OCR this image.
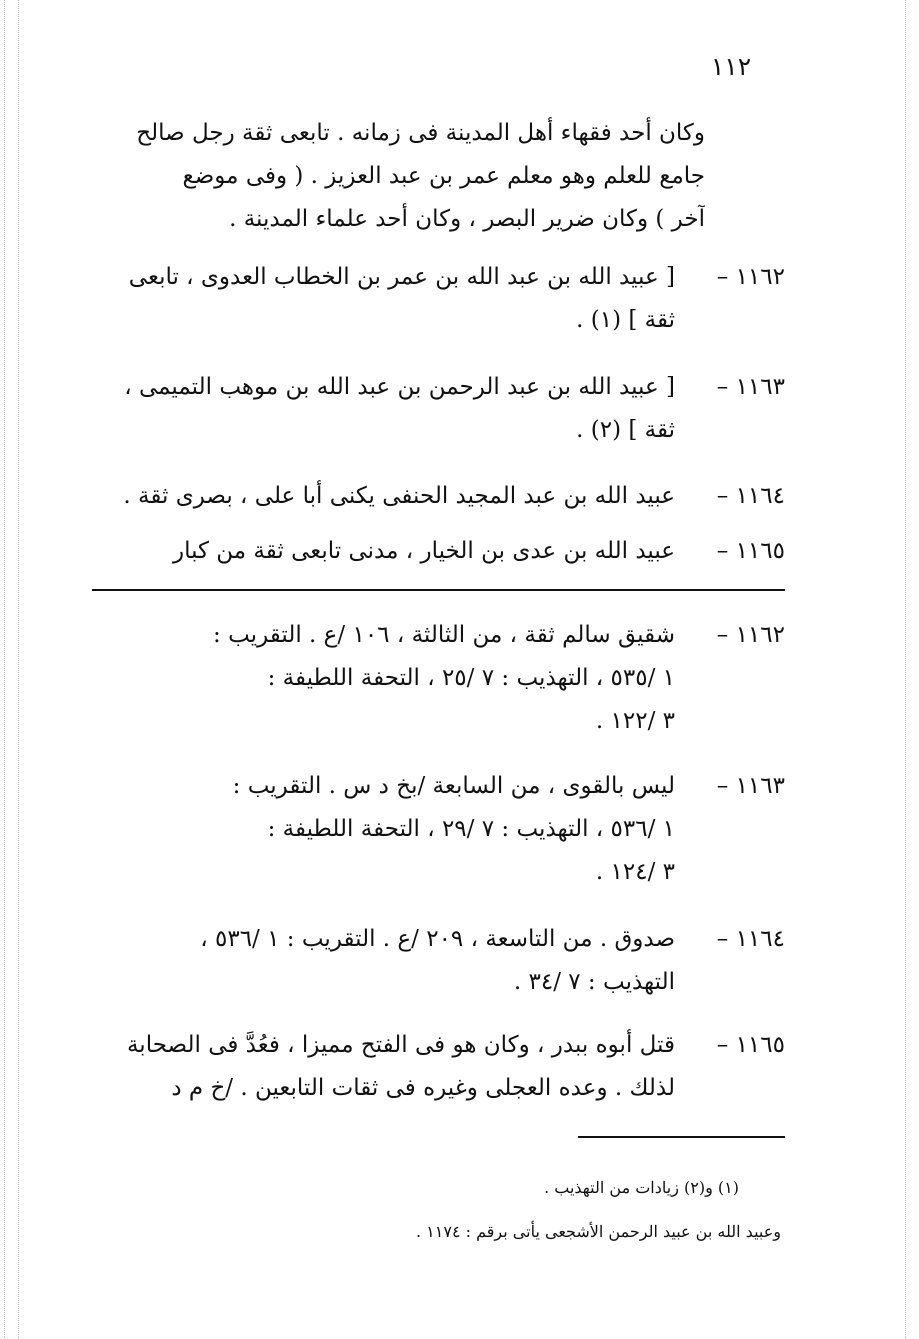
١١٢
وكان أحد فقهاء أهل المدينة فى زمانه . تابعى ثقة رجل صالح
جامع للعلم وهو معلم عمر بن عبد العزيز . ( وفى موضع
آخر ) وكان ضرير البصر ، وكان أحد علماء المدينة .
١١٦٢ –
[ عبيد الله بن عبد الله بن عمر بن الخطاب العدوى ، تابعى
ثقة ] (١) .
١١٦٣ –
[ عبيد الله بن عبد الرحمن بن عبد الله بن موهب التميمى ،
ثقة ] (٢) .
١١٦٤ –
عبيد الله بن عبد المجيد الحنفى يكنى أبا على ، بصرى ثقة .
١١٦٥ –
عبيد الله بن عدى بن الخيار ، مدنى تابعى ثقة من كبار
١١٦٢ –
شقيق سالم ثقة ، من الثالثة ، ١٠٦ /ع . التقريب :
١ /٥٣٥ ، التهذيب : ٧ /٢٥ ، التحفة اللطيفة :
٣ /١٢٢ .
١١٦٣ –
ليس بالقوى ، من السابعة /بخ د س . التقريب :
١ /٥٣٦ ، التهذيب : ٧ /٢٩ ، التحفة اللطيفة :
٣ /١٢٤ .
١١٦٤ –
صدوق . من التاسعة ، ٢٠٩ /ع . التقريب : ١ /٥٣٦ ،
التهذيب : ٧ /٣٤ .
١١٦٥ –
قتل أبوه ببدر ، وكان هو فى الفتح مميزا ، فعُدَّ فى الصحابة
لذلك . وعده العجلى وغيره فى ثقات التابعين . /خ م د
(١) و(٢) زيادات من التهذيب .
وعبيد الله بن عبيد الرحمن الأشجعى يأتى برقم : ١١٧٤ .
